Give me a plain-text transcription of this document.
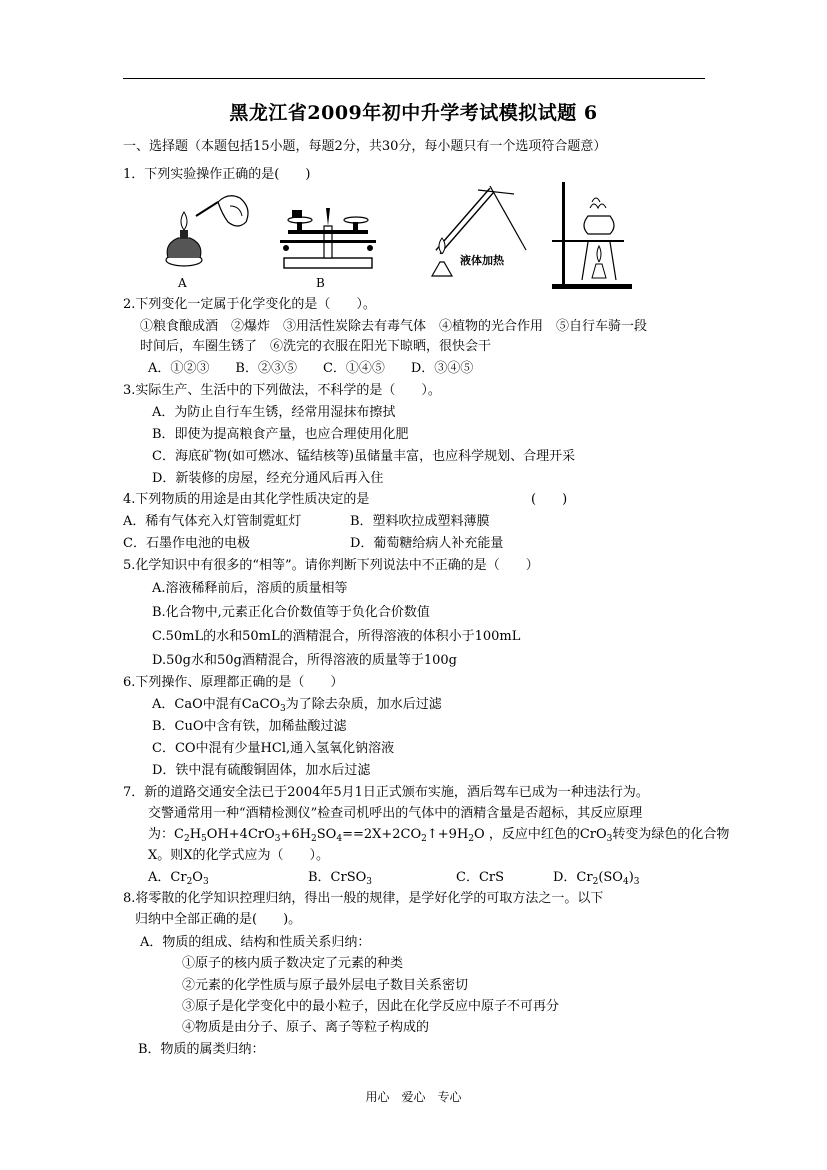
黑龙江省2009年初中升学考试模拟试题 6
一、选择题（本题包括15小题，每题2分，共30分，每小题只有一个选项符合题意）
1．下列实验操作正确的是(　　)
A	B
液体加热
2.下列变化一定属于化学变化的是（　　）。
①粮食酿成酒　②爆炸　③用活性炭除去有毒气体　④植物的光合作用　⑤自行车骑一段
时间后，车圈生锈了　⑥洗完的衣服在阳光下晾晒，很快会干
A．①②③　　B．②③⑤　　C．①④⑤　　D．③④⑤
3.实际生产、生活中的下列做法，不科学的是（　　）。
A．为防止自行车生锈，经常用湿抹布擦拭
B．即使为提高粮食产量，也应合理使用化肥
C．海底矿物(如可燃冰、锰结核等)虽储量丰富，也应科学规划、合理开采
D．新装修的房屋，经充分通风后再入住
4.下列物质的用途是由其化学性质决定的是	(　　)
A．稀有气体充入灯管制霓虹灯	B．塑料吹拉成塑料薄膜
C．石墨作电池的电极	D．葡萄糖给病人补充能量
5.化学知识中有很多的“相等”。请你判断下列说法中不正确的是（　　）
A.溶液稀释前后，溶质的质量相等
B.化合物中,元素正化合价数值等于负化合价数值
C.50mL的水和50mL的酒精混合，所得溶液的体积小于100mL
D.50g水和50g酒精混合，所得溶液的质量等于100g
6.下列操作、原理都正确的是（　　）
A．CaO中混有CaCO$_3$为了除去杂质，加水后过滤
B．CuO中含有铁，加稀盐酸过滤
C．CO中混有少量HCl,通入氢氧化钠溶液
D．铁中混有硫酸铜固体，加水后过滤
7．新的道路交通安全法已于2004年5月1日正式颁布实施，酒后驾车已成为一种违法行为。
交警通常用一种“酒精检测仪”检查司机呼出的气体中的酒精含量是否超标，其反应原理
为：$C_2H_5OH+4CrO_3+6H_2SO_4==2X+2CO_2↑+9H_2O$ ，反应中红色的CrO$_3$转变为绿色的化合物
X。则X的化学式应为（　　）。
A．$Cr_2O_3$	B．CrSO$_3$	C．CrS	D．$Cr_2(SO_4)_3$
8.将零散的化学知识控理归纳，得出一般的规律，是学好化学的可取方法之一。以下
归纳中全部正确的是(　　)。
A．物质的组成、结构和性质关系归纳：
①原子的核内质子数决定了元素的种类
②元素的化学性质与原子最外层电子数目关系密切
③原子是化学变化中的最小粒子，因此在化学反应中原子不可再分
④物质是由分子、原子、离子等粒子构成的
B．物质的属类归纳：
用心　爱心　专心
